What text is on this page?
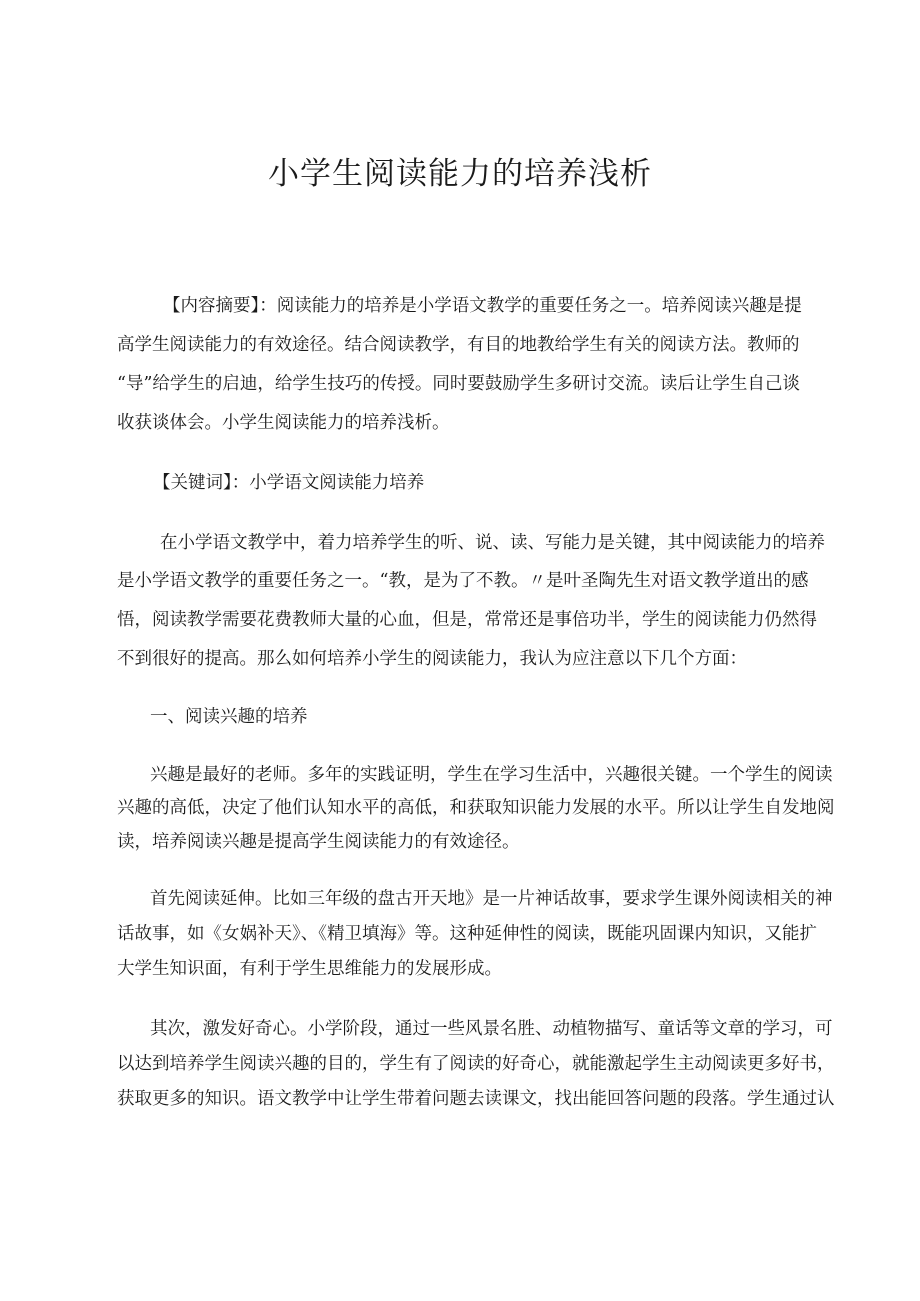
小学生阅读能力的培养浅析
【内容摘要】：阅读能力的培养是小学语文教学的重要任务之一。培养阅读兴趣是提
高学生阅读能力的有效途径。结合阅读教学，有目的地教给学生有关的阅读方法。教师的
“导”给学生的启迪，给学生技巧的传授。同时要鼓励学生多研讨交流。读后让学生自己谈
收获谈体会。小学生阅读能力的培养浅析。
【关键词】：小学语文阅读能力培养
在小学语文教学中，着力培养学生的听、说、读、写能力是关键，其中阅读能力的培养
是小学语文教学的重要任务之一。“教，是为了不教。〃是叶圣陶先生对语文教学道出的感
悟，阅读教学需要花费教师大量的心血，但是，常常还是事倍功半，学生的阅读能力仍然得
不到很好的提高。那么如何培养小学生的阅读能力，我认为应注意以下几个方面：
一、阅读兴趣的培养
兴趣是最好的老师。多年的实践证明，学生在学习生活中，兴趣很关键。一个学生的阅读
兴趣的高低，决定了他们认知水平的高低，和获取知识能力发展的水平。所以让学生自发地阅
读，培养阅读兴趣是提高学生阅读能力的有效途径。
首先阅读延伸。比如三年级的盘古开天地》是一片神话故事，要求学生课外阅读相关的神
话故事，如《女娲补天》、《精卫填海》等。这种延伸性的阅读，既能巩固课内知识，又能扩
大学生知识面，有利于学生思维能力的发展形成。
其次，激发好奇心。小学阶段，通过一些风景名胜、动植物描写、童话等文章的学习，可
以达到培养学生阅读兴趣的目的，学生有了阅读的好奇心，就能激起学生主动阅读更多好书，
获取更多的知识。语文教学中让学生带着问题去读课文，找出能回答问题的段落。学生通过认
